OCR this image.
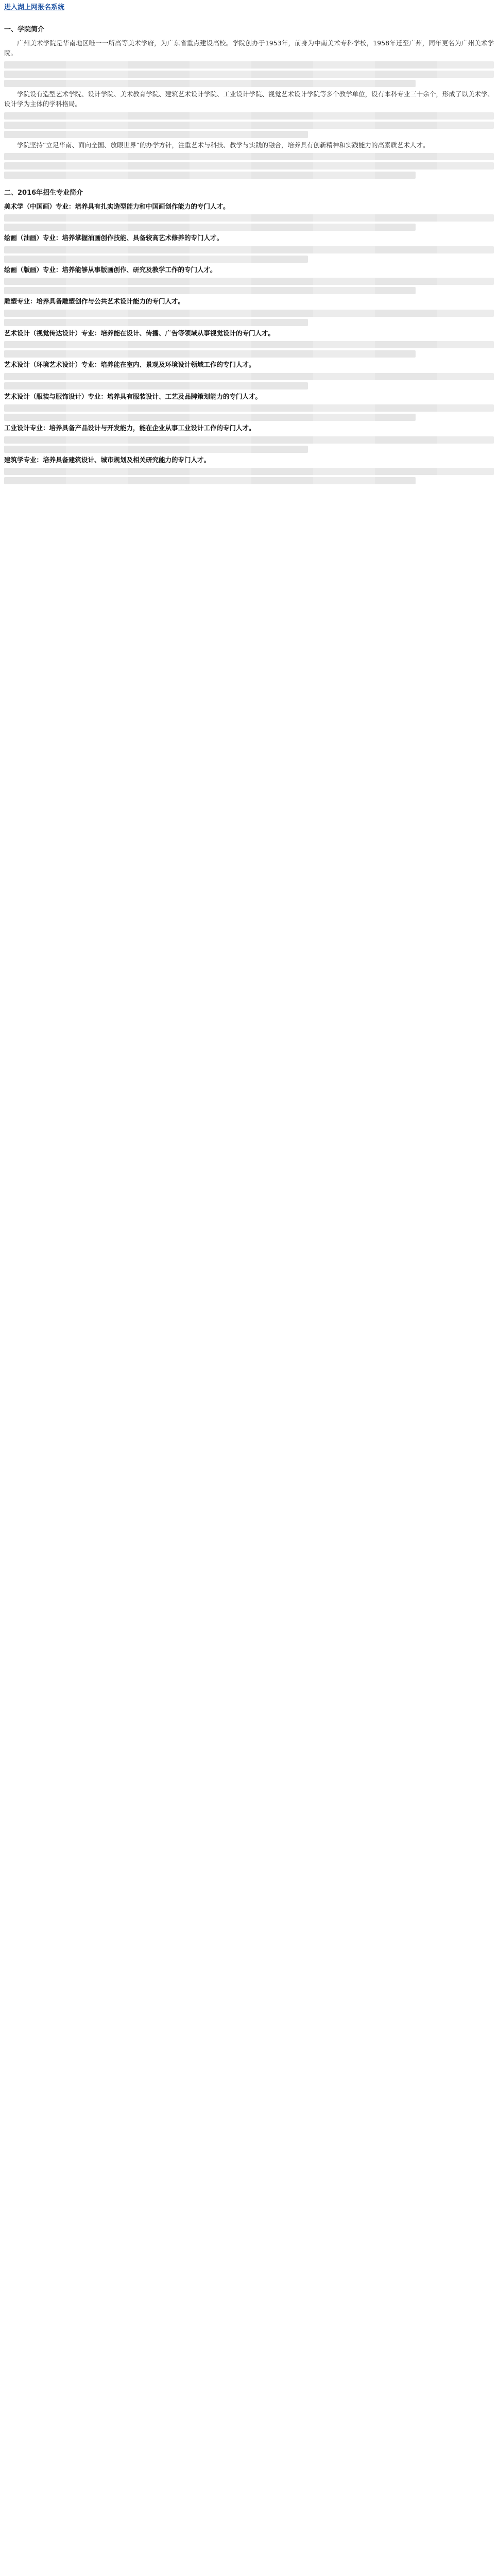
进入湖上网报名系统
一、学院简介

广州美术学院是华南地区唯一一所高等美术学府，为广东省重点建设高校。学院创办于1953年，前身为中南美术专科学校，1958年迁至广州，同年更名为广州美术学院。

学院设有造型艺术学院、设计学院、美术教育学院、建筑艺术设计学院、工业设计学院、视觉艺术设计学院等多个教学单位，设有本科专业三十余个，形成了以美术学、设计学为主体的学科格局。

学院坚持“立足华南、面向全国、放眼世界”的办学方针，注重艺术与科技、教学与实践的融合，培养具有创新精神和实践能力的高素质艺术人才。

二、2016年招生专业简介

美术学（中国画）专业：培养具有扎实造型能力和中国画创作能力的专门人才。

绘画（油画）专业：培养掌握油画创作技能、具备较高艺术修养的专门人才。

绘画（版画）专业：培养能够从事版画创作、研究及教学工作的专门人才。

雕塑专业：培养具备雕塑创作与公共艺术设计能力的专门人才。

艺术设计（视觉传达设计）专业：培养能在设计、传播、广告等领域从事视觉设计的专门人才。

艺术设计（环境艺术设计）专业：培养能在室内、景观及环境设计领域工作的专门人才。

艺术设计（服装与服饰设计）专业：培养具有服装设计、工艺及品牌策划能力的专门人才。

工业设计专业：培养具备产品设计与开发能力，能在企业从事工业设计工作的专门人才。

建筑学专业：培养具备建筑设计、城市规划及相关研究能力的专门人才。
